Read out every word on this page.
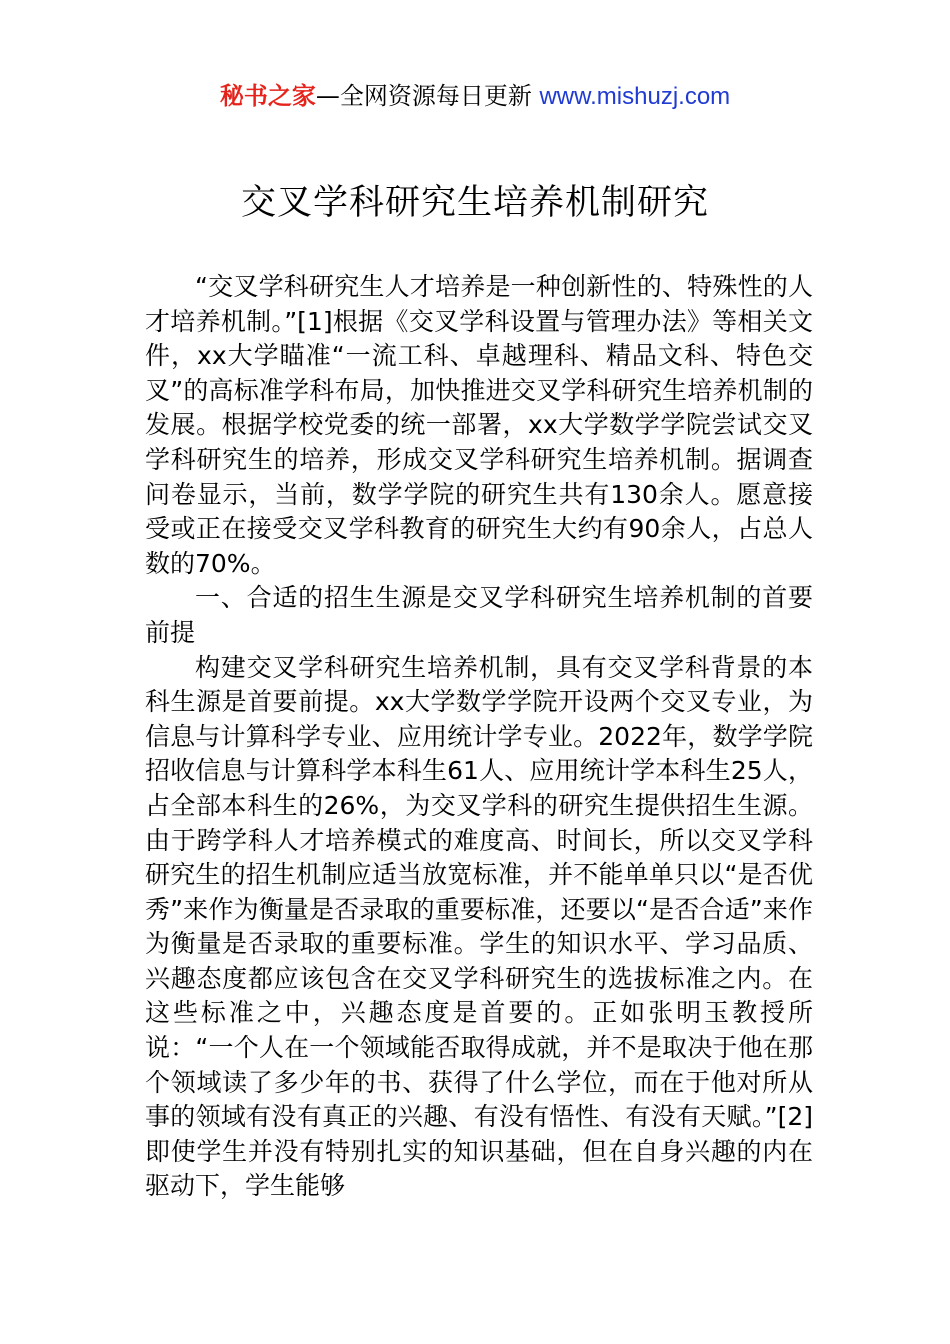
秘书之家—全网资源每日更新 www.mishuzj.com
交叉学科研究生培养机制研究

“交叉学科研究生人才培养是一种创新性的、特殊性的人才培养机制。”[1]根据《交叉学科设置与管理办法》等相关文件，xx大学瞄准“一流工科、卓越理科、精品文科、特色交叉”的高标准学科布局，加快推进交叉学科研究生培养机制的发展。根据学校党委的统一部署，xx大学数学学院尝试交叉学科研究生的培养，形成交叉学科研究生培养机制。据调查问卷显示，当前，数学学院的研究生共有130余人。愿意接受或正在接受交叉学科教育的研究生大约有90余人，占总人数的70%。

一、合适的招生生源是交叉学科研究生培养机制的首要前提

构建交叉学科研究生培养机制，具有交叉学科背景的本科生源是首要前提。xx大学数学学院开设两个交叉专业，为信息与计算科学专业、应用统计学专业。2022年，数学学院招收信息与计算科学本科生61人、应用统计学本科生25人，占全部本科生的26%，为交叉学科的研究生提供招生生源。由于跨学科人才培养模式的难度高、时间长，所以交叉学科研究生的招生机制应适当放宽标准，并不能单单只以“是否优秀”来作为衡量是否录取的重要标准，还要以“是否合适”来作为衡量是否录取的重要标准。学生的知识水平、学习品质、兴趣态度都应该包含在交叉学科研究生的选拔标准之内。在这些标准之中，兴趣态度是首要的。正如张明玉教授所说：“一个人在一个领域能否取得成就，并不是取决于他在那个领域读了多少年的书、获得了什么学位，而在于他对所从事的领域有没有真正的兴趣、有没有悟性、有没有天赋。”[2]即使学生并没有特别扎实的知识基础，但在自身兴趣的内在驱动下，学生能够
